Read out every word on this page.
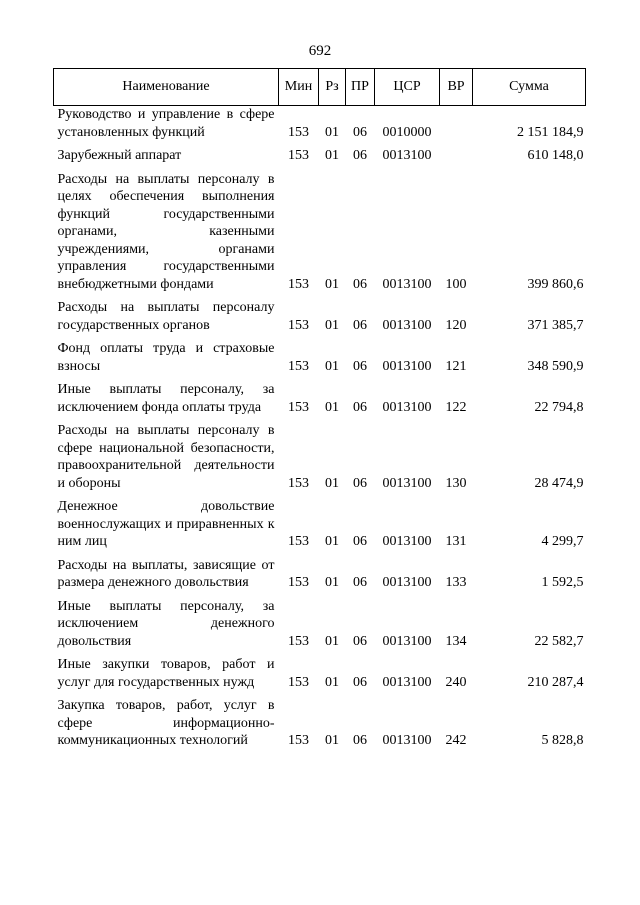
692
Наименование	Мин	Рз	ПР	ЦСР	ВР	Сумма
Руководство и управление в сфере установленных функций	153	01	06	0010000		2 151 184,9
Зарубежный аппарат	153	01	06	0013100		610 148,0
Расходы на выплаты персоналу в целях обеспечения выполнения функций государственными органами, казенными учреждениями, органами управления государственными внебюджетными фондами	153	01	06	0013100	100	399 860,6
Расходы на выплаты персоналу государственных органов	153	01	06	0013100	120	371 385,7
Фонд оплаты труда и страховые взносы	153	01	06	0013100	121	348 590,9
Иные выплаты персоналу, за исключением фонда оплаты труда	153	01	06	0013100	122	22 794,8
Расходы на выплаты персоналу в сфере национальной безопасности, правоохранительной деятельности и обороны	153	01	06	0013100	130	28 474,9
Денежное довольствие военнослужащих и приравненных к ним лиц	153	01	06	0013100	131	4 299,7
Расходы на выплаты, зависящие от размера денежного довольствия	153	01	06	0013100	133	1 592,5
Иные выплаты персоналу, за исключением денежного довольствия	153	01	06	0013100	134	22 582,7
Иные закупки товаров, работ и услуг для государственных нужд	153	01	06	0013100	240	210 287,4
Закупка товаров, работ, услуг в сфере информационно-коммуникационных технологий	153	01	06	0013100	242	5 828,8
